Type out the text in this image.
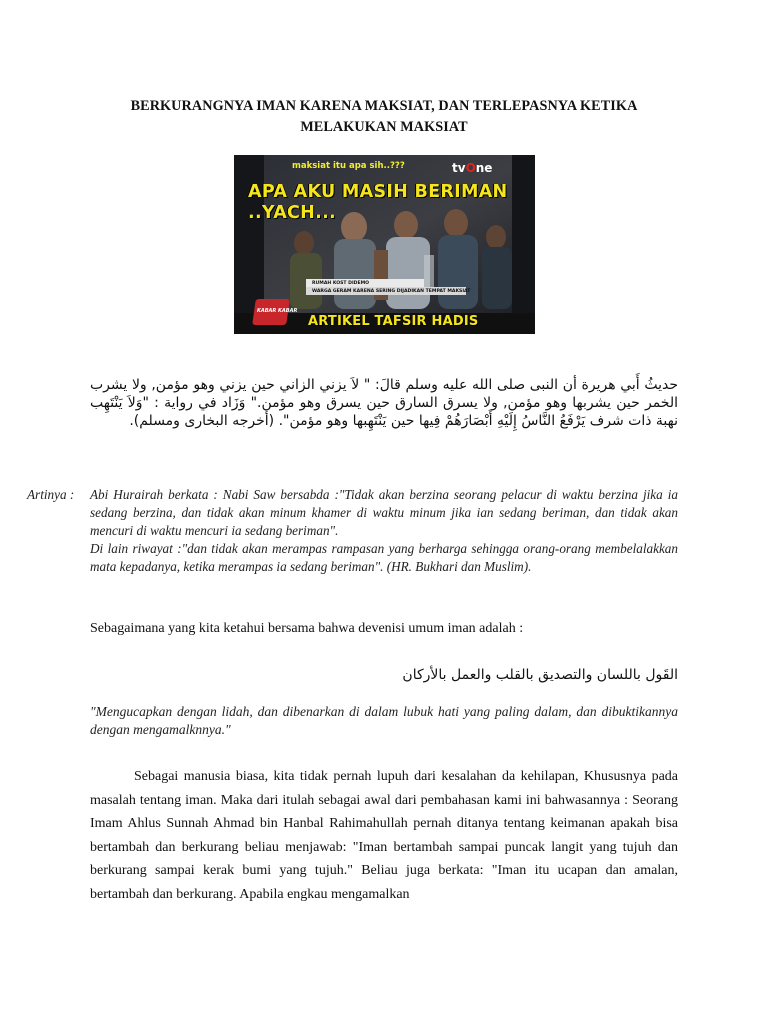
BERKURANGNYA IMAN KARENA MAKSIAT, DAN TERLEPASNYA KETIKA
MELAKUKAN MAKSIAT
maksiat itu apa sih..???	tvOne
APA AKU MASIH BERIMAN
..YACH...
RUMAH KOST DIDEMO
WARGA GERAM KARENA SERING DIJADIKAN TEMPAT MAKSIAT
KABAR KABAR
ARTIKEL TAFSIR HADIS
حديثُ أَبي هريرة أن النبى صلى الله عليه وسلم قالَ: " لاَ يزني الزاني حين يزني وهو مؤمن, ولا يشرب الخمر حين يشربها وهو مؤمن, ولا يسرق السارق حين يسرق وهو مؤمن." وَزَاد في رواية : "وَلاَ يَنْتَهِب نهبة ذات شرف يَرْفَعُ النَّاسُ إِلَيْهِ أَبْصَارَهُمْ فِيها حين يَنْتَهِبها وهو مؤمن". (أخرجه البخارى ومسلم).
Artinya : Abi Hurairah berkata : Nabi Saw bersabda :"Tidak akan berzina seorang pelacur di waktu berzina jika ia sedang berzina, dan tidak akan minum khamer di waktu minum jika ian sedang beriman, dan tidak akan mencuri di waktu mencuri ia sedang beriman".

Di lain riwayat :"dan tidak akan merampas rampasan yang berharga sehingga orang-orang membelalakkan mata kepadanya, ketika merampas ia sedang beriman". (HR. Bukhari dan Muslim).

Sebagaimana yang kita ketahui bersama bahwa devenisi umum iman adalah :
القَول باللسان والتصديق بالقلب والعمل بالأركان
"Mengucapkan dengan lidah, dan dibenarkan di dalam lubuk hati yang paling dalam, dan dibuktikannya dengan mengamalknnya."
Sebagai manusia biasa, kita tidak pernah lupuh dari kesalahan da kehilapan, Khususnya pada masalah tentang iman. Maka dari itulah sebagai awal dari pembahasan kami ini bahwasannya : Seorang Imam Ahlus Sunnah Ahmad bin Hanbal Rahimahullah pernah ditanya tentang keimanan apakah bisa bertambah dan berkurang beliau menjawab: "Iman bertambah sampai puncak langit yang tujuh dan berkurang sampai kerak bumi yang tujuh." Beliau juga berkata: "Iman itu ucapan dan amalan, bertambah dan berkurang. Apabila engkau mengamalkan
